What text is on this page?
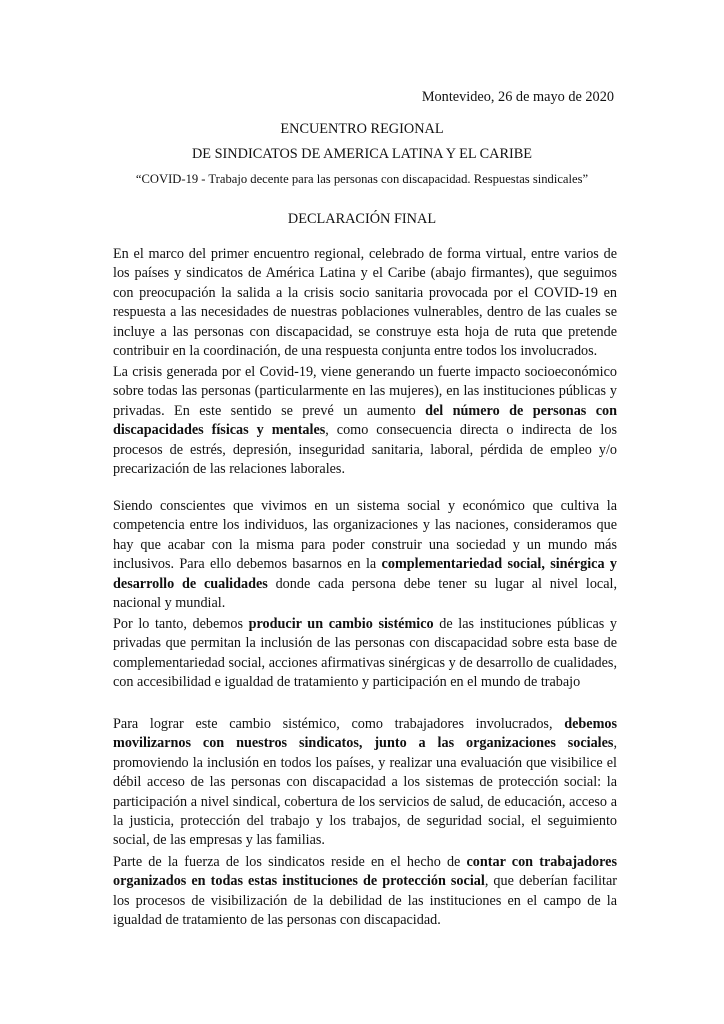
Montevideo, 26 de mayo de 2020
ENCUENTRO REGIONAL
DE SINDICATOS DE AMERICA LATINA Y EL CARIBE
“COVID-19 - Trabajo decente para las personas con discapacidad. Respuestas sindicales”
DECLARACIÓN FINAL

En el marco del primer encuentro regional, celebrado de forma virtual, entre varios de los países y sindicatos de América Latina y el Caribe (abajo firmantes), que seguimos con preocupación la salida a la crisis socio sanitaria provocada por el COVID-19 en respuesta a las necesidades de nuestras poblaciones vulnerables, dentro de las cuales se incluye a las personas con discapacidad, se construye esta hoja de ruta que pretende contribuir en la coordinación, de una respuesta conjunta entre todos los involucrados.

La crisis generada por el Covid-19, viene generando un fuerte impacto socioeconómico sobre todas las personas (particularmente en las mujeres), en las instituciones públicas y privadas. En este sentido se prevé un aumento del número de personas con discapacidades físicas y mentales, como consecuencia directa o indirecta de los procesos de estrés, depresión, inseguridad sanitaria, laboral, pérdida de empleo y/o precarización de las relaciones laborales.

Siendo conscientes que vivimos en un sistema social y económico que cultiva la competencia entre los individuos, las organizaciones y las naciones, consideramos que hay que acabar con la misma para poder construir una sociedad y un mundo más inclusivos. Para ello debemos basarnos en la complementariedad social, sinérgica y desarrollo de cualidades donde cada persona debe tener su lugar al nivel local, nacional y mundial.

Por lo tanto, debemos producir un cambio sistémico de las instituciones públicas y privadas que permitan la inclusión de las personas con discapacidad sobre esta base de complementariedad social, acciones afirmativas sinérgicas y de desarrollo de cualidades, con accesibilidad e igualdad de tratamiento y participación en el mundo de trabajo

Para lograr este cambio sistémico, como trabajadores involucrados, debemos movilizarnos con nuestros sindicatos, junto a las organizaciones sociales, promoviendo la inclusión en todos los países, y realizar una evaluación que visibilice el débil acceso de las personas con discapacidad a los sistemas de protección social: la participación a nivel sindical, cobertura de los servicios de salud, de educación, acceso a la justicia, protección del trabajo y los trabajos, de seguridad social, el seguimiento social, de las empresas y las familias.

Parte de la fuerza de los sindicatos reside en el hecho de contar con trabajadores organizados en todas estas instituciones de protección social, que deberían facilitar los procesos de visibilización de la debilidad de las instituciones en el campo de la igualdad de tratamiento de las personas con discapacidad.
